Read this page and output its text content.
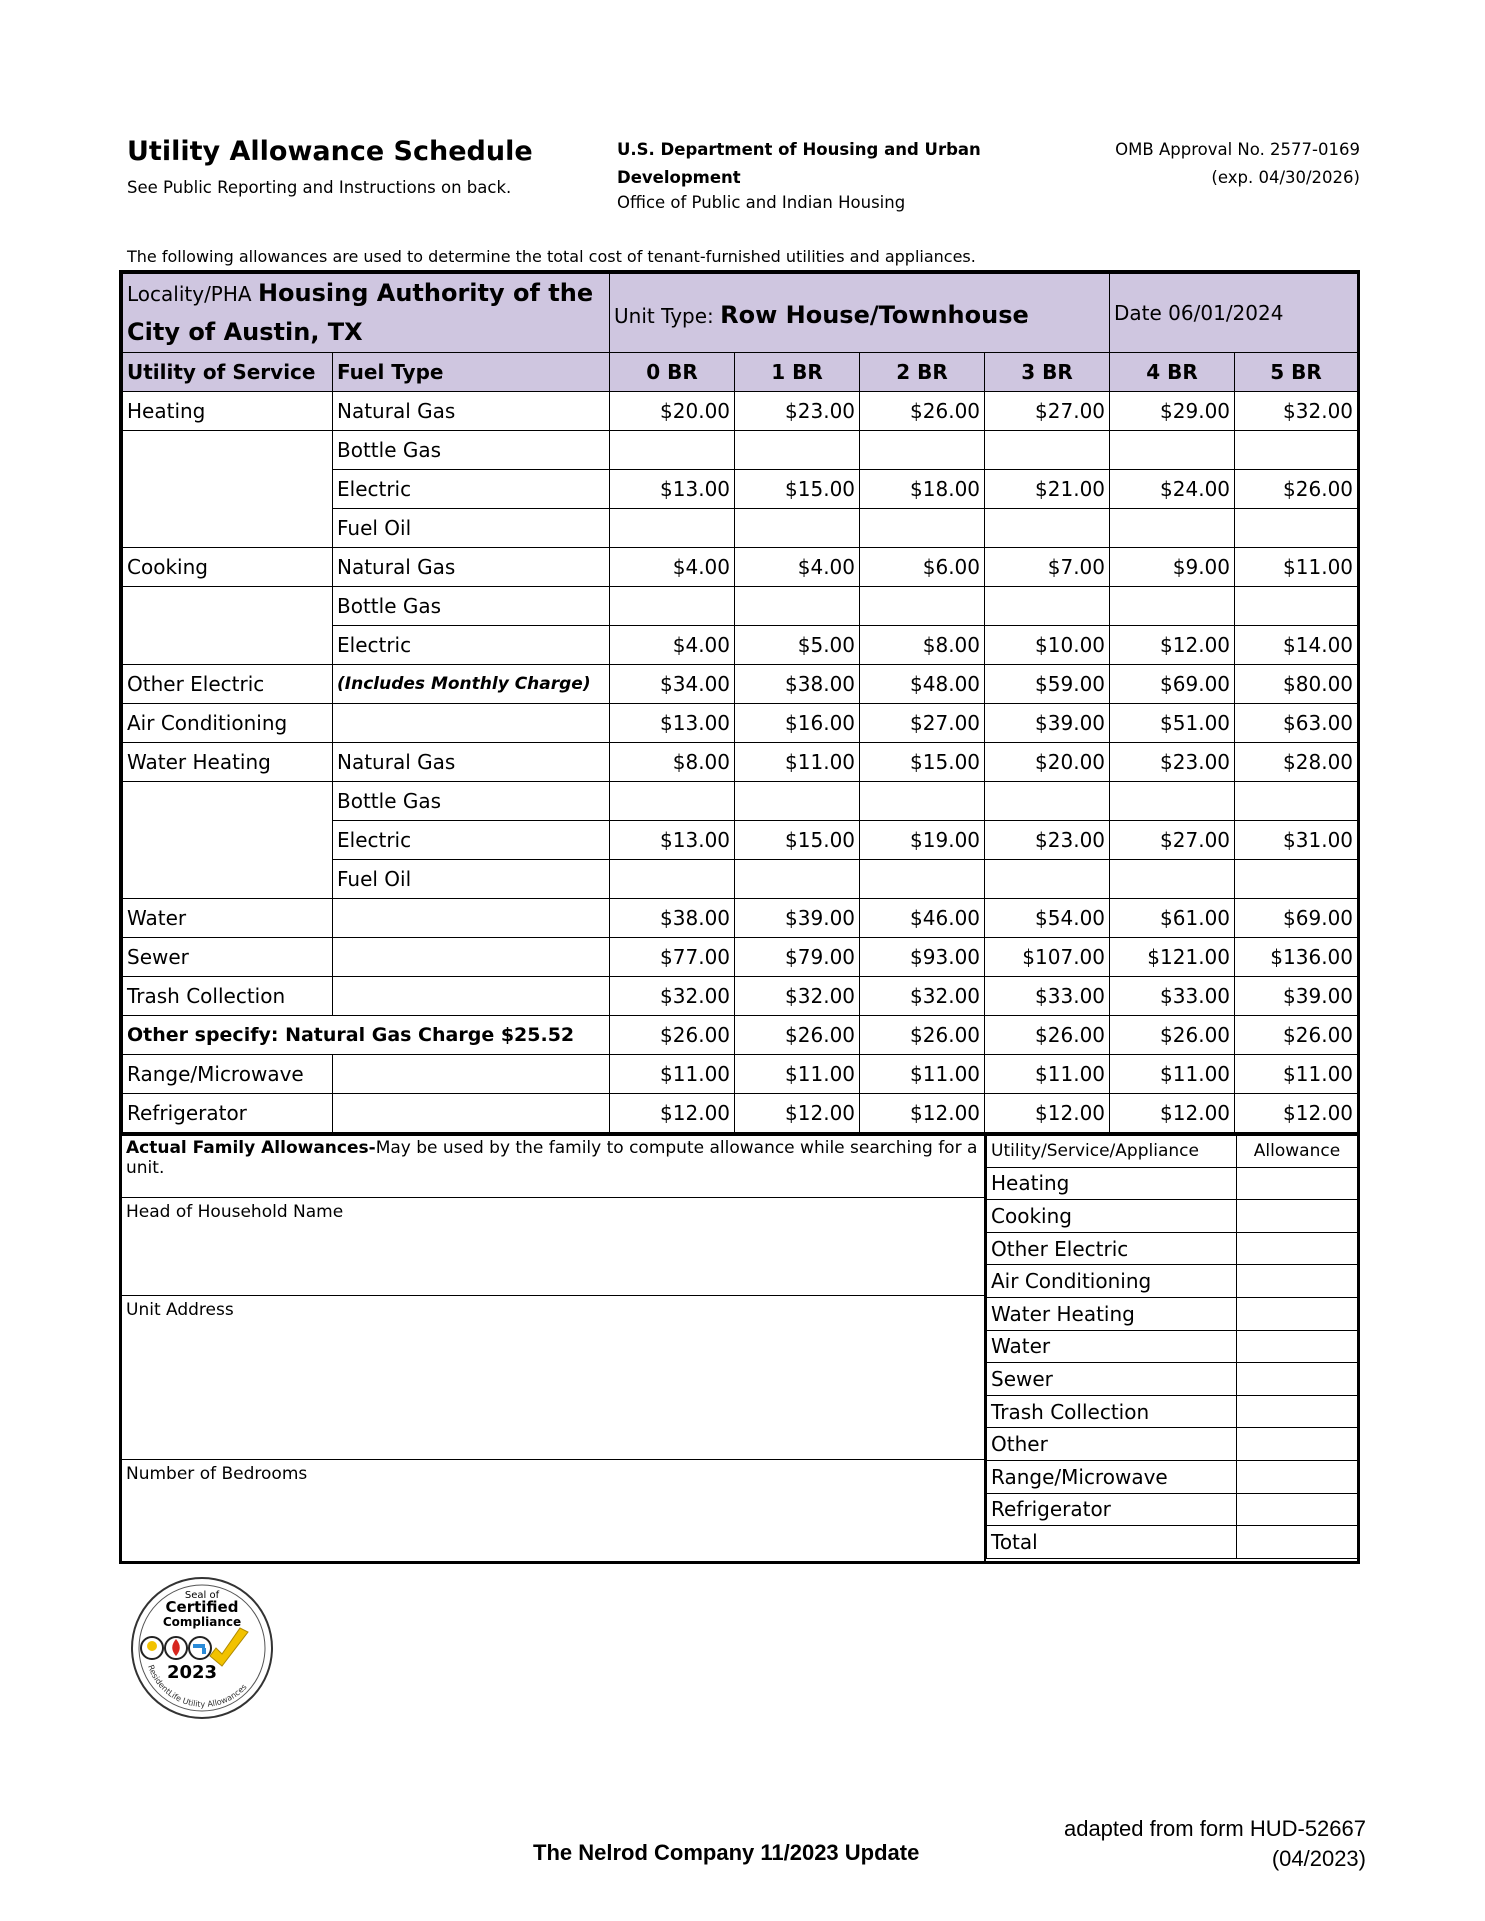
Utility Allowance Schedule
See Public Reporting and Instructions on back.
U.S. Department of Housing and Urban Development
Office of Public and Indian Housing
OMB Approval No. 2577-0169
(exp. 04/30/2026)
The following allowances are used to determine the total cost of tenant-furnished utilities and appliances.
Locality/PHA Housing Authority of the City of Austin, TX		Unit Type: Row House/Townhouse				Date 06/01/2024	
Utility of Service	Fuel Type	0 BR	1 BR	2 BR	3 BR	4 BR	5 BR
Heating	Natural Gas	$20.00	$23.00	$26.00	$27.00	$29.00	$32.00
	Bottle Gas						
	Electric	$13.00	$15.00	$18.00	$21.00	$24.00	$26.00
	Fuel Oil						
Cooking	Natural Gas	$4.00	$4.00	$6.00	$7.00	$9.00	$11.00
	Bottle Gas						
	Electric	$4.00	$5.00	$8.00	$10.00	$12.00	$14.00
Other Electric	(Includes Monthly Charge)	$34.00	$38.00	$48.00	$59.00	$69.00	$80.00
Air Conditioning		$13.00	$16.00	$27.00	$39.00	$51.00	$63.00
Water Heating	Natural Gas	$8.00	$11.00	$15.00	$20.00	$23.00	$28.00
	Bottle Gas						
	Electric	$13.00	$15.00	$19.00	$23.00	$27.00	$31.00
	Fuel Oil						
Water		$38.00	$39.00	$46.00	$54.00	$61.00	$69.00
Sewer		$77.00	$79.00	$93.00	$107.00	$121.00	$136.00
Trash Collection		$32.00	$32.00	$32.00	$33.00	$33.00	$39.00
Other specify: Natural Gas Charge $25.52		$26.00	$26.00	$26.00	$26.00	$26.00	$26.00
Range/Microwave		$11.00	$11.00	$11.00	$11.00	$11.00	$11.00
Refrigerator		$12.00	$12.00	$12.00	$12.00	$12.00	$12.00
Actual Family Allowances-May be used by the family to compute allowance while searching for a unit.
Head of Household Name
Unit Address
Number of Bedrooms
Utility/Service/Appliance	Allowance
Heating	
Cooking	
Other Electric	
Air Conditioning	
Water Heating	
Water	
Sewer	
Trash Collection	
Other	
Range/Microwave	
Refrigerator	
Total	
Seal of
Certified
Compliance
2023
ResidentLife Utility Allowances
The Nelrod Company 11/2023 Update
adapted from form HUD-52667
(04/2023)
